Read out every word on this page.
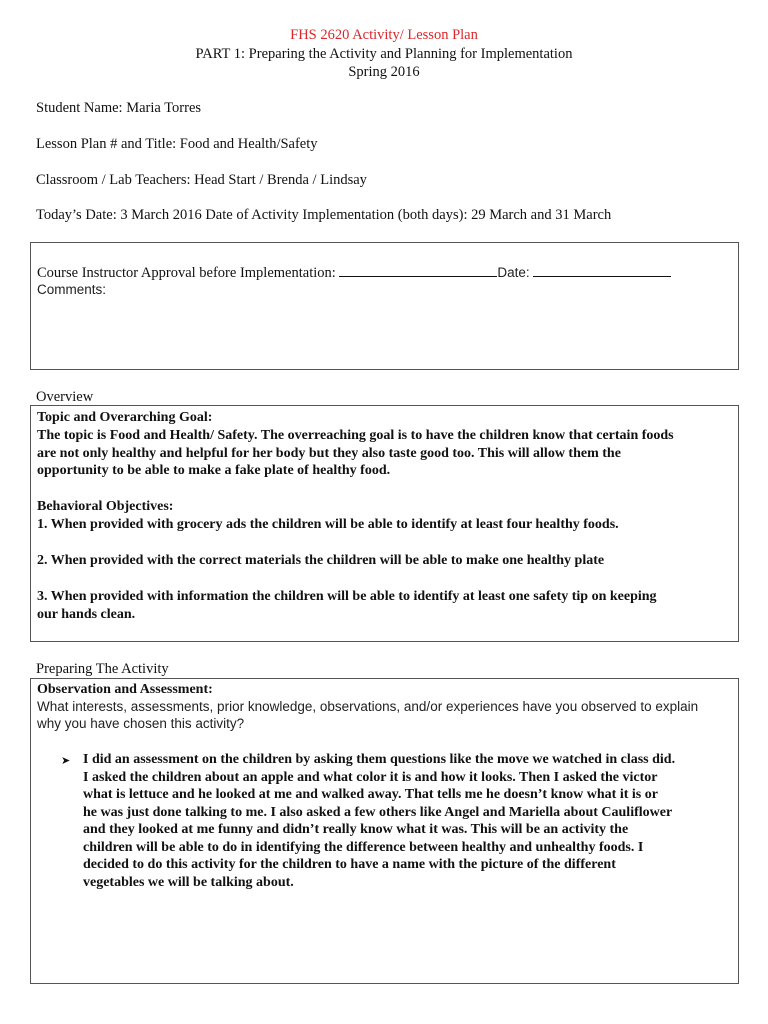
FHS 2620 Activity/ Lesson Plan
PART 1: Preparing the Activity and Planning for Implementation
Spring 2016
Student Name: Maria Torres
Lesson Plan # and Title: Food and Health/Safety
Classroom / Lab Teachers: Head Start / Brenda / Lindsay
Today’s Date: 3 March 2016 Date of Activity Implementation (both days): 29 March and 31 March
Course Instructor Approval before Implementation:	Date:
Comments:
Overview
Topic and Overarching Goal:
The topic is Food and Health/ Safety. The overreaching goal is to have the children know that certain foods
are not only healthy and helpful for her body but they also taste good too. This will allow them the
opportunity to be able to make a fake plate of healthy food.
Behavioral Objectives:
1. When provided with grocery ads the children will be able to identify at least four healthy foods.
2. When provided with the correct materials the children will be able to make one healthy plate
3. When provided with information the children will be able to identify at least one safety tip on keeping
our hands clean.
Preparing The Activity
Observation and Assessment:
What interests, assessments, prior knowledge, observations, and/or experiences have you observed to explain
why you have chosen this activity?
➤ I did an assessment on the children by asking them questions like the move we watched in class did.
I asked the children about an apple and what color it is and how it looks. Then I asked the victor
what is lettuce and he looked at me and walked away. That tells me he doesn’t know what it is or
he was just done talking to me. I also asked a few others like Angel and Mariella about Cauliflower
and they looked at me funny and didn’t really know what it was. This will be an activity the
children will be able to do in identifying the difference between healthy and unhealthy foods. I
decided to do this activity for the children to have a name with the picture of the different
vegetables we will be talking about.
